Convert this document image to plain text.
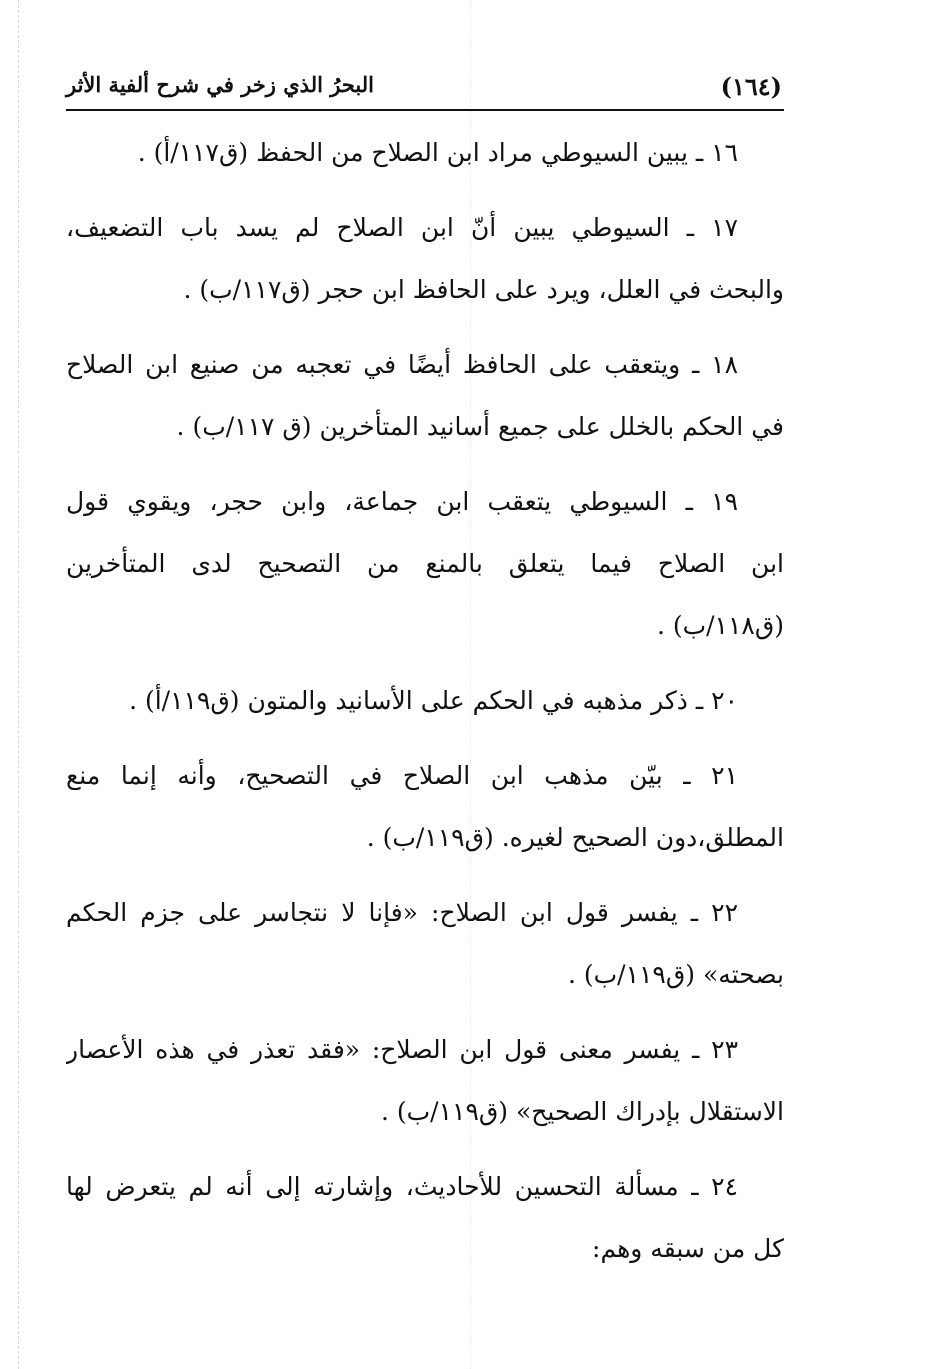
(١٦٤)
البحرُ الذي زخر في شرح ألفية الأثر
١٦ ـ يبين السيوطي مراد ابن الصلاح من الحفظ (ق١١٧/أ) .
١٧ ـ السيوطي يبين أنّ ابن الصلاح لم يسد باب التضعيف،
والبحث في العلل، ويرد على الحافظ ابن حجر (ق١١٧/ب) .
١٨ ـ ويتعقب على الحافظ أيضًا في تعجبه من صنيع ابن الصلاح
في الحكم بالخلل على جميع أسانيد المتأخرين (ق ١١٧/ب) .
١٩ ـ السيوطي يتعقب ابن جماعة، وابن حجر، ويقوي قول
ابن الصلاح فيما يتعلق بالمنع من التصحيح لدى المتأخرين
(ق١١٨/ب) .
٢٠ ـ ذكر مذهبه في الحكم على الأسانيد والمتون (ق١١٩/أ) .
٢١ ـ بيّن مذهب ابن الصلاح في التصحيح، وأنه إنما منع
المطلق،دون الصحيح لغيره. (ق١١٩/ب) .
٢٢ ـ يفسر قول ابن الصلاح: «فإنا لا نتجاسر على جزم الحكم
بصحته» (ق١١٩/ب) .
٢٣ ـ يفسر معنى قول ابن الصلاح: «فقد تعذر في هذه الأعصار
الاستقلال بإدراك الصحيح» (ق١١٩/ب) .
٢٤ ـ مسألة التحسين للأحاديث، وإشارته إلى أنه لم يتعرض لها
كل من سبقه وهم:
